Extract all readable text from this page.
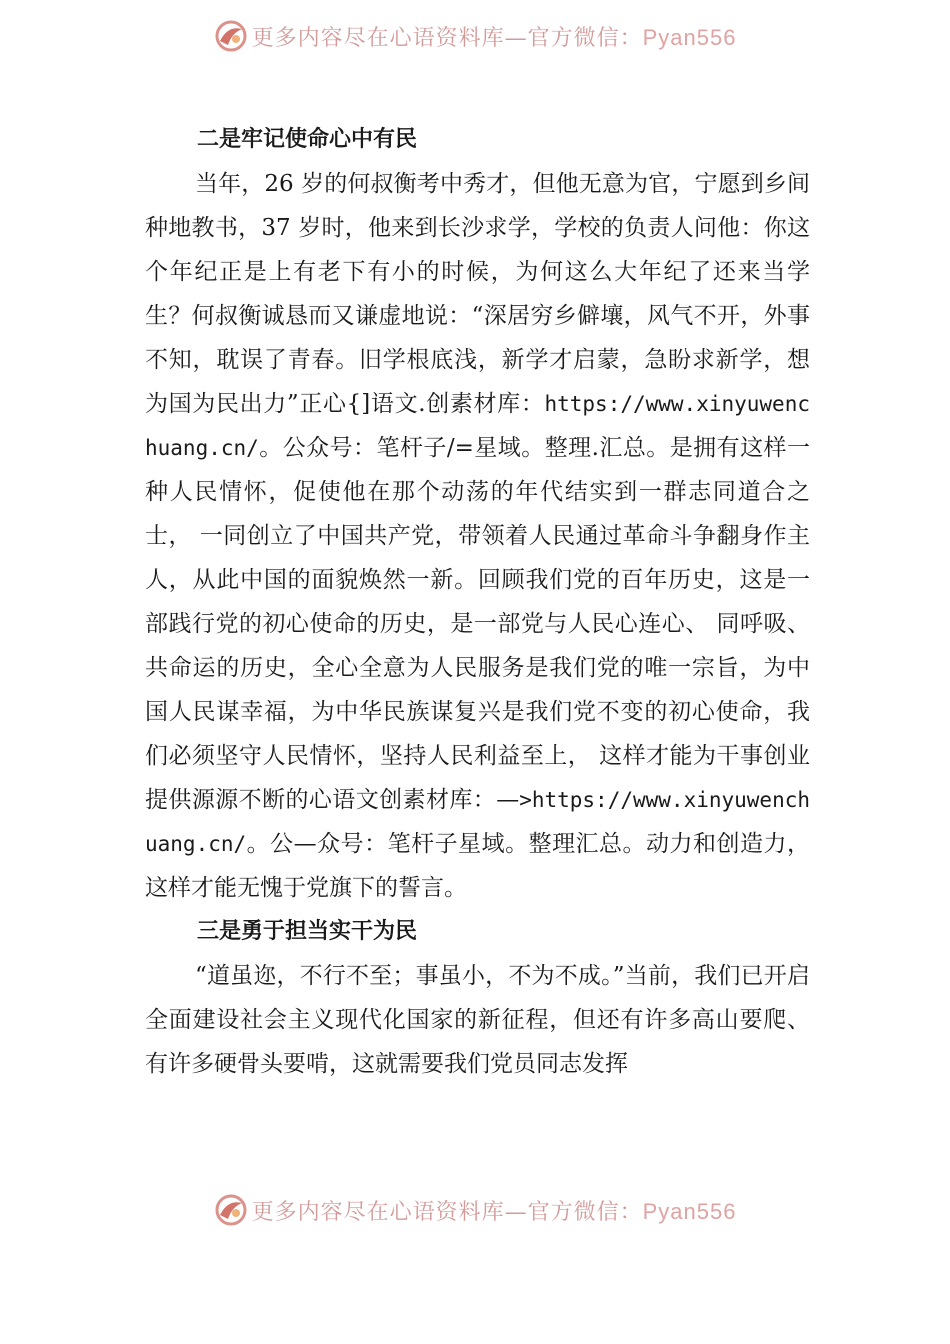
更多内容尽在心语资料库—官方微信：Pyan556

二是牢记使命心中有民

当年，26 岁的何叔衡考中秀才，但他无意为官，宁愿到乡间种地教书，37 岁时，他来到长沙求学，学校的负责人问他：你这个年纪正是上有老下有小的时候，为何这么大年纪了还来当学生？何叔衡诚恳而又谦虚地说：“深居穷乡僻壤，风气不开，外事不知，耽误了青春。旧学根底浅，新学才启蒙，急盼求新学，想为国为民出力”正心{]语文.创素材库：https://www.xinyuwenchuang.cn/。公众号：笔杆子/=星域。整理.汇总。是拥有这样一种人民情怀，促使他在那个动荡的年代结实到一群志同道合之士， 一同创立了中国共产党，带领着人民通过革命斗争翻身作主人，从此中国的面貌焕然一新。回顾我们党的百年历史，这是一部践行党的初心使命的历史，是一部党与人民心连心、 同呼吸、共命运的历史，全心全意为人民服务是我们党的唯一宗旨，为中国人民谋幸福，为中华民族谋复兴是我们党不变的初心使命，我们必须坚守人民情怀，坚持人民利益至上， 这样才能为干事创业提供源源不断的心语文创素材库：—>https://www.xinyuwenchuang.cn/。公—众号：笔杆子星域。整理汇总。动力和创造力，这样才能无愧于党旗下的誓言。

三是勇于担当实干为民

“道虽迩，不行不至；事虽小，不为不成。”当前，我们已开启全面建设社会主义现代化国家的新征程，但还有许多高山要爬、有许多硬骨头要啃，这就需要我们党员同志发挥

更多内容尽在心语资料库—官方微信：Pyan556
